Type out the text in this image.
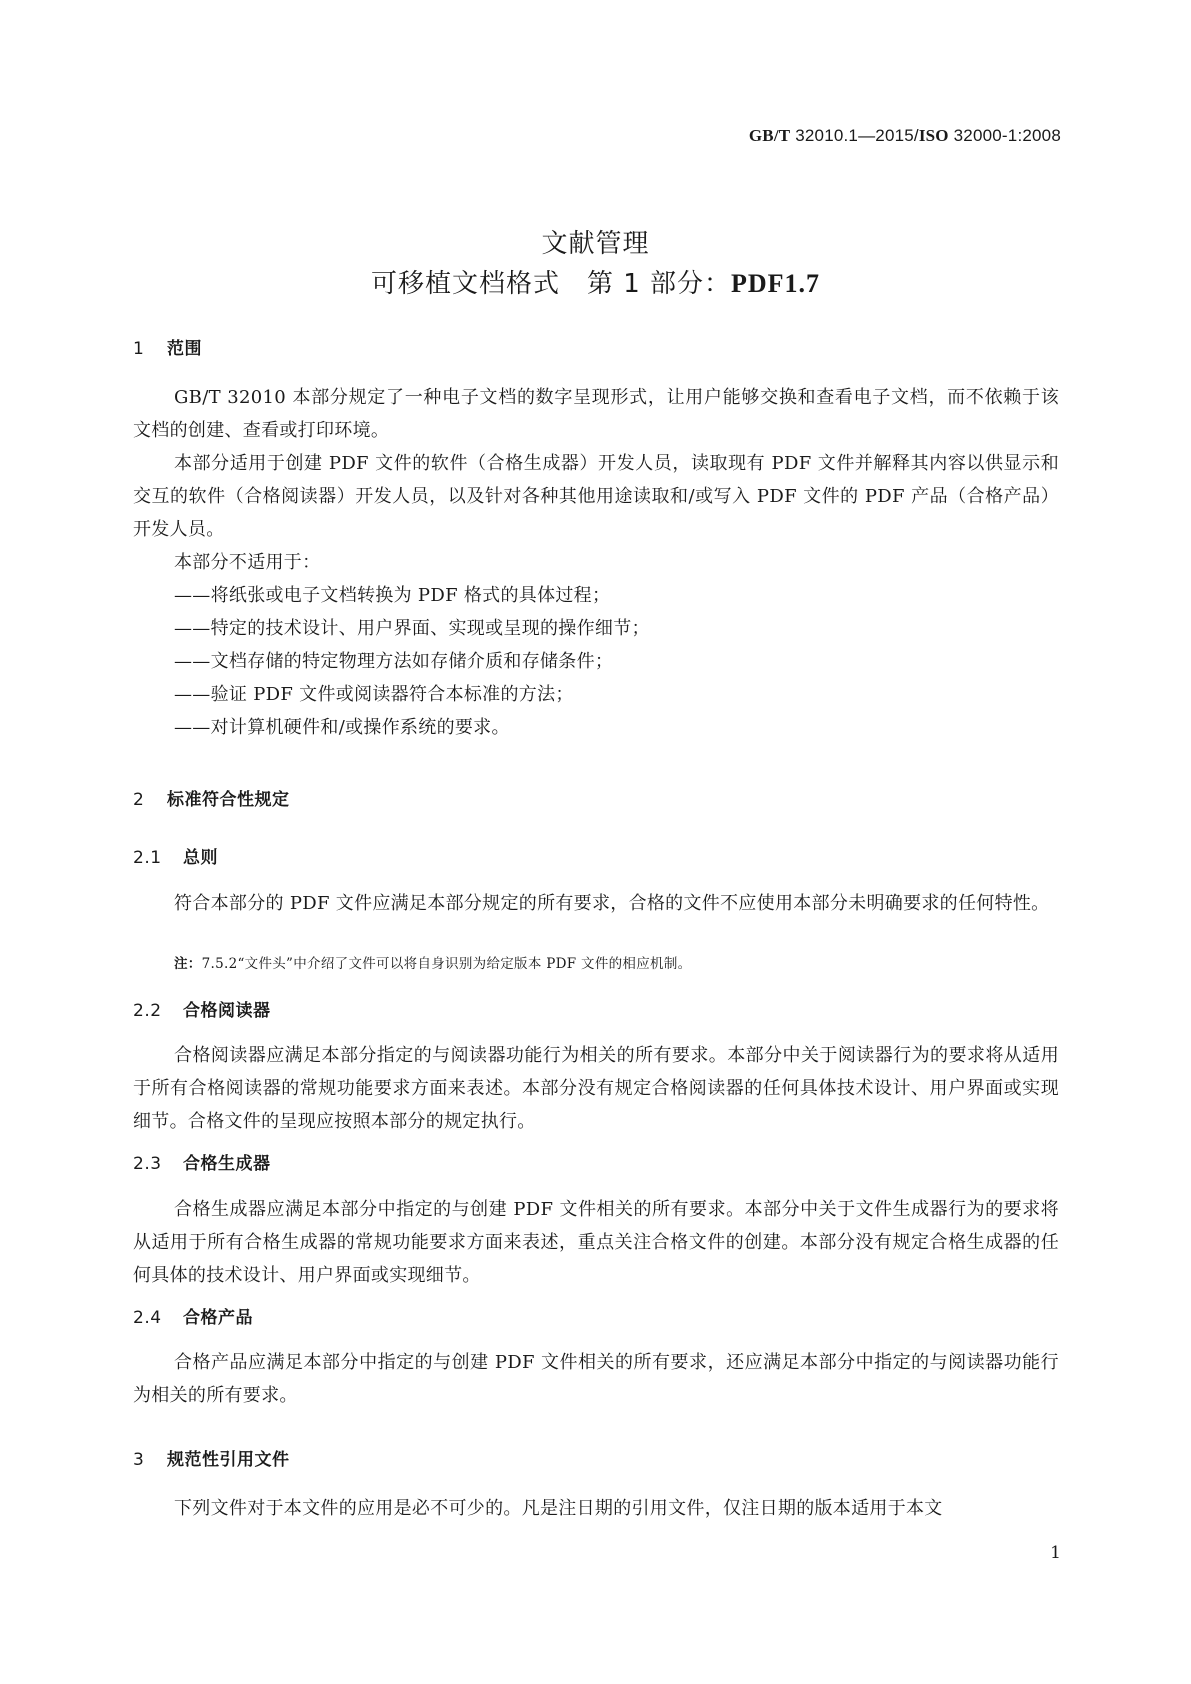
GB/T 32010.1—2015/ISO 32000-1:2008
文献管理
可移植文档格式　第 1 部分：PDF1.7
1 范围
GB/T 32010 本部分规定了一种电子文档的数字呈现形式，让用户能够交换和查看电子文档，而不依赖于该文档的创建、查看或打印环境。
本部分适用于创建 PDF 文件的软件（合格生成器）开发人员，读取现有 PDF 文件并解释其内容以供显示和交互的软件（合格阅读器）开发人员，以及针对各种其他用途读取和/或写入 PDF 文件的 PDF 产品（合格产品）开发人员。
本部分不适用于：
——将纸张或电子文档转换为 PDF 格式的具体过程；
——特定的技术设计、用户界面、实现或呈现的操作细节；
——文档存储的特定物理方法如存储介质和存储条件；
——验证 PDF 文件或阅读器符合本标准的方法；
——对计算机硬件和/或操作系统的要求。
2 标准符合性规定
2.1 总则
符合本部分的 PDF 文件应满足本部分规定的所有要求，合格的文件不应使用本部分未明确要求的任何特性。
注：7.5.2“文件头”中介绍了文件可以将自身识别为给定版本 PDF 文件的相应机制。
2.2 合格阅读器
合格阅读器应满足本部分指定的与阅读器功能行为相关的所有要求。本部分中关于阅读器行为的要求将从适用于所有合格阅读器的常规功能要求方面来表述。本部分没有规定合格阅读器的任何具体技术设计、用户界面或实现细节。合格文件的呈现应按照本部分的规定执行。
2.3 合格生成器
合格生成器应满足本部分中指定的与创建 PDF 文件相关的所有要求。本部分中关于文件生成器行为的要求将从适用于所有合格生成器的常规功能要求方面来表述，重点关注合格文件的创建。本部分没有规定合格生成器的任何具体的技术设计、用户界面或实现细节。
2.4 合格产品
合格产品应满足本部分中指定的与创建 PDF 文件相关的所有要求，还应满足本部分中指定的与阅读器功能行为相关的所有要求。
3 规范性引用文件
下列文件对于本文件的应用是必不可少的。凡是注日期的引用文件，仅注日期的版本适用于本文
1
